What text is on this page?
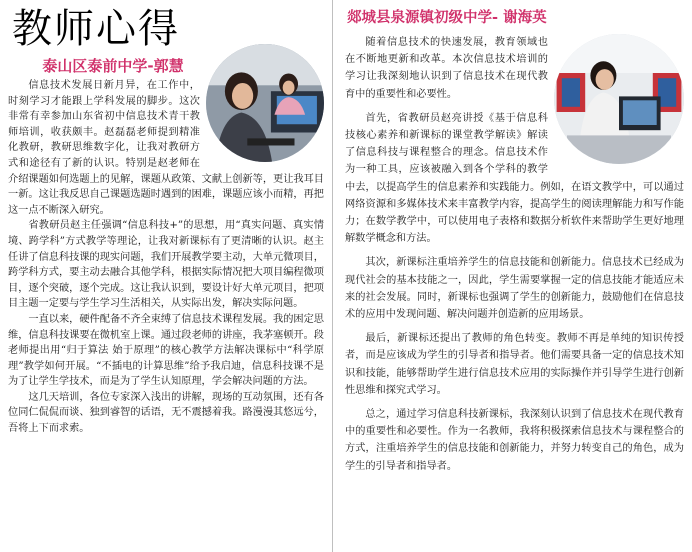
教师心得
泰山区泰前中学-郭慧

信息技术发展日新月异，在工作中，时刻学习才能跟上学科发展的脚步。这次非常有幸参加山东省初中信息技术青干教师培训，收获颇丰。赵磊磊老师提到精准化教研，教研思维数字化，让我对教研方式和途径有了新的认识。特别是赵老师在介绍课题如何选题上的见解，课题从政策、文献上创新等，更让我耳目一新。这让我反思自己课题选题时遇到的困难，课题应该小而精，再把这一点不断深入研究。

省教研员赵主任强调“信息科技+”的思想，用“真实问题、真实情境、跨学科”方式教学等理论，让我对新课标有了更清晰的认识。赵主任讲了信息科技课的现实问题，我们开展教学要主动，大单元微项目，跨学科方式，要主动去融合其他学科，根据实际情况把大项目编程微项目，逐个突破，逐个完成。这让我认识到，要设计好大单元项目，把项目主题一定要与学生学习生活相关，从实际出发，解决实际问题。

一直以来，硬件配备不齐全束缚了信息技术课程发展。我的困定思维，信息科技课要在微机室上课。通过段老师的讲座，我茅塞顿开。段老师提出用“归于算法 始于原理”的核心教学方法解决课标中“科学原理”教学如何开展。“不插电的计算思维”给予我启迪，信息科技课不是为了让学生学技术，而是为了学生认知原理，学会解决问题的方法。

这几天培训，各位专家深入浅出的讲解，现场的互动氛围，还有各位同仁侃侃而谈、独到睿智的话语，无不震撼着我。路漫漫其悠远兮，吾将上下而求索。

郯城县泉源镇初级中学- 谢海英

随着信息技术的快速发展，教育领域也在不断地更新和改革。本次信息技术培训的学习让我深刻地认识到了信息技术在现代教育中的重要性和必要性。

首先，省教研员赵亮讲授《基于信息科技核心素养和新课标的课堂教学解读》解读了信息科技与课程整合的理念。信息技术作为一种工具，应该被融入到各个学科的教学中去，以提高学生的信息素养和实践能力。例如，在语文教学中，可以通过网络资源和多媒体技术来丰富教学内容，提高学生的阅读理解能力和写作能力；在数学教学中，可以使用电子表格和数据分析软件来帮助学生更好地理解数学概念和方法。

其次，新课标注重培养学生的信息技能和创新能力。信息技术已经成为现代社会的基本技能之一，因此，学生需要掌握一定的信息技能才能适应未来的社会发展。同时，新课标也强调了学生的创新能力，鼓励他们在信息技术的应用中发现问题、解决问题并创造新的应用场景。

最后，新课标还提出了教师的角色转变。教师不再是单纯的知识传授者，而是应该成为学生的引导者和指导者。他们需要具备一定的信息技术知识和技能，能够帮助学生进行信息技术应用的实际操作并引导学生进行创新性思维和探究式学习。

总之，通过学习信息科技新课标，我深刻认识到了信息技术在现代教育中的重要性和必要性。作为一名教师，我将积极探索信息技术与课程整合的方式，注重培养学生的信息技能和创新能力，并努力转变自己的角色，成为学生的引导者和指导者。
